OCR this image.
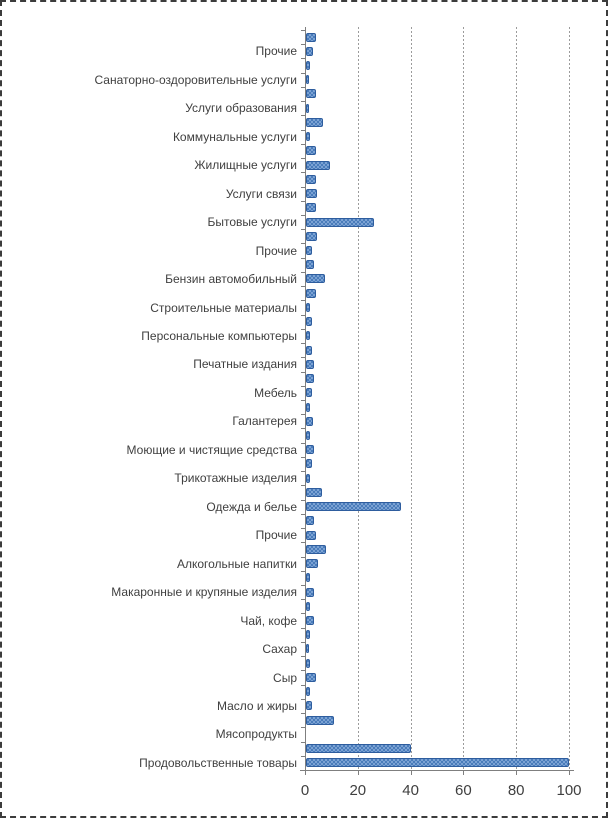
Прочие
Санаторно-оздоровительные услуги
Услуги образования
Коммунальные услуги
Жилищные услуги
Услуги связи
Бытовые услуги
Прочие
Бензин автомобильный
Строительные материалы
Персональные компьютеры
Печатные издания
Мебель
Галантерея
Моющие и чистящие средства
Трикотажные изделия
Одежда и белье
Прочие
Алкогольные напитки
Макаронные и крупяные изделия
Чай, кофе
Сахар
Сыр
Масло и жиры
Мясопродукты
Продовольственные товары
0	20 40 60 80 100
